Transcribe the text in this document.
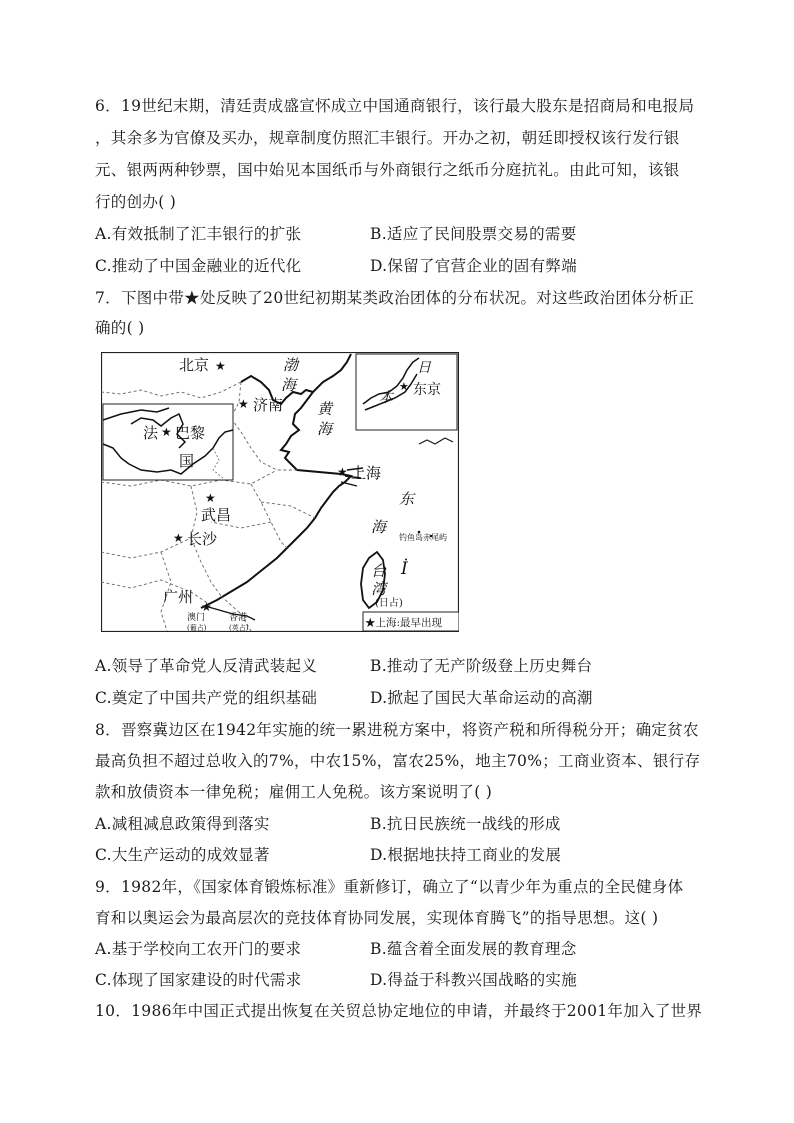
6．19世纪末期，清廷责成盛宣怀成立中国通商银行，该行最大股东是招商局和电报局
，其余多为官僚及买办，规章制度仿照汇丰银行。开办之初，朝廷即授权该行发行银
元、银两两种钞票，国中始见本国纸币与外商银行之纸币分庭抗礼。由此可知，该银
行的创办( )
A.有效抵制了汇丰银行的扩张	B.适应了民间股票交易的需要
C.推动了中国金融业的近代化	D.保留了官营企业的固有弊端
7．下图中带★处反映了20世纪初期某类政治团体的分布状况。对这些政治团体分析正
确的( )
★
★
★
★
★
★
★
★
北京	渤
海
济南 黄
海
日
本 东京
法 巴黎
国
上海
东
海
武昌
长沙	钓鱼岛赤尾屿
台
湾
(日占)
İ
广州
澳门
(葡占)
香港
(英占)	★上海:最早出现
A.领导了革命党人反清武装起义	B.推动了无产阶级登上历史舞台
C.奠定了中国共产党的组织基础	D.掀起了国民大革命运动的高潮
8．晋察冀边区在1942年实施的统一累进税方案中，将资产税和所得税分开；确定贫农
最高负担不超过总收入的7%，中农15%，富农25%，地主70%；工商业资本、银行存
款和放债资本一律免税；雇佣工人免税。该方案说明了( )
A.减租减息政策得到落实	B.抗日民族统一战线的形成
C.大生产运动的成效显著	D.根据地扶持工商业的发展
9．1982年，《国家体育锻炼标准》重新修订，确立了“以青少年为重点的全民健身体
育和以奥运会为最高层次的竞技体育协同发展，实现体育腾飞”的指导思想。这( )
A.基于学校向工农开门的要求	B.蕴含着全面发展的教育理念
C.体现了国家建设的时代需求	D.得益于科教兴国战略的实施
10．1986年中国正式提出恢复在关贸总协定地位的申请，并最终于2001年加入了世界
